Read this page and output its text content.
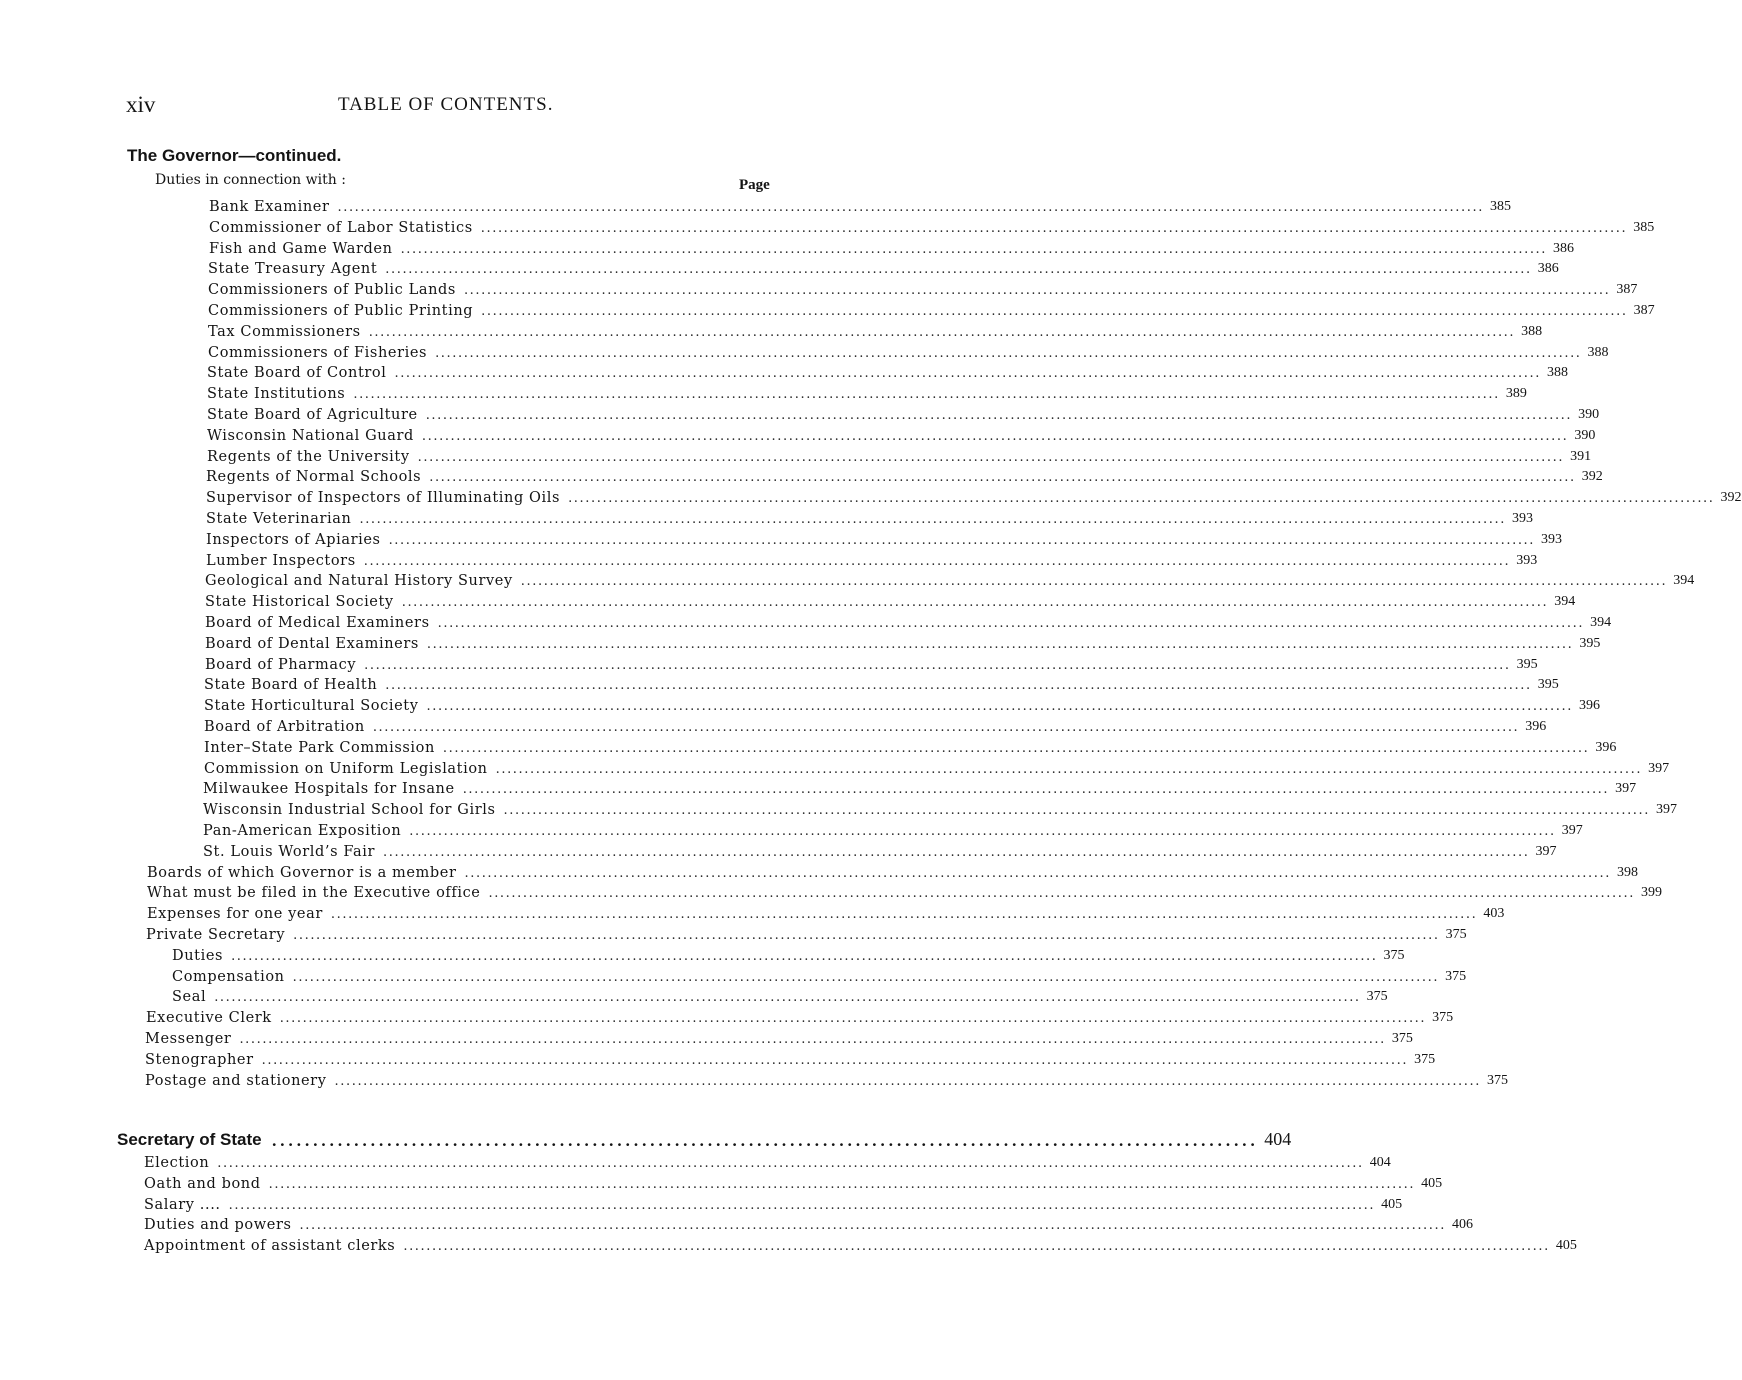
xiv	TABLE OF CONTENTS.
The Governor—continued.
Duties in connection with :	Page
Bank Examiner ........................................................................................................................................................................................................ 385
Commissioner of Labor Statistics ........................................................................................................................................................................................................ 385
Fish and Game Warden ........................................................................................................................................................................................................ 386
State Treasury Agent ........................................................................................................................................................................................................ 386
Commissioners of Public Lands ........................................................................................................................................................................................................ 387
Commissioners of Public Printing ........................................................................................................................................................................................................ 387
Tax Commissioners ........................................................................................................................................................................................................ 388
Commissioners of Fisheries ........................................................................................................................................................................................................ 388
State Board of Control ........................................................................................................................................................................................................ 388
State Institutions ........................................................................................................................................................................................................ 389
State Board of Agriculture ........................................................................................................................................................................................................ 390
Wisconsin National Guard ........................................................................................................................................................................................................ 390
Regents of the University ........................................................................................................................................................................................................ 391
Regents of Normal Schools ........................................................................................................................................................................................................ 392
Supervisor of Inspectors of Illuminating Oils ........................................................................................................................................................................................................ 392
State Veterinarian ........................................................................................................................................................................................................ 393
Inspectors of Apiaries ........................................................................................................................................................................................................ 393
Lumber Inspectors ........................................................................................................................................................................................................ 393
Geological and Natural History Survey ........................................................................................................................................................................................................ 394
State Historical Society ........................................................................................................................................................................................................ 394
Board of Medical Examiners ........................................................................................................................................................................................................ 394
Board of Dental Examiners ........................................................................................................................................................................................................ 395
Board of Pharmacy ........................................................................................................................................................................................................ 395
State Board of Health ........................................................................................................................................................................................................ 395
State Horticultural Society ........................................................................................................................................................................................................ 396
Board of Arbitration ........................................................................................................................................................................................................ 396
Inter–State Park Commission ........................................................................................................................................................................................................ 396
Commission on Uniform Legislation ........................................................................................................................................................................................................ 397
Milwaukee Hospitals for Insane ........................................................................................................................................................................................................ 397
Wisconsin Industrial School for Girls ........................................................................................................................................................................................................ 397
Pan-American Exposition ........................................................................................................................................................................................................ 397
St. Louis World’s Fair ........................................................................................................................................................................................................ 397
Boards of which Governor is a member ........................................................................................................................................................................................................ 398
What must be filed in the Executive office ........................................................................................................................................................................................................ 399
Expenses for one year ........................................................................................................................................................................................................ 403
Private Secretary ........................................................................................................................................................................................................ 375
Duties ........................................................................................................................................................................................................ 375
Compensation ........................................................................................................................................................................................................ 375
Seal ........................................................................................................................................................................................................ 375
Executive Clerk ........................................................................................................................................................................................................ 375
Messenger ........................................................................................................................................................................................................ 375
Stenographer ........................................................................................................................................................................................................ 375
Postage and stationery ........................................................................................................................................................................................................ 375
Secretary of State ........................................................................................................................ 404
Election ........................................................................................................................................................................................................ 404
Oath and bond ........................................................................................................................................................................................................ 405
Salary .... ........................................................................................................................................................................................................ 405
Duties and powers ........................................................................................................................................................................................................ 406
Appointment of assistant clerks ........................................................................................................................................................................................................ 405
